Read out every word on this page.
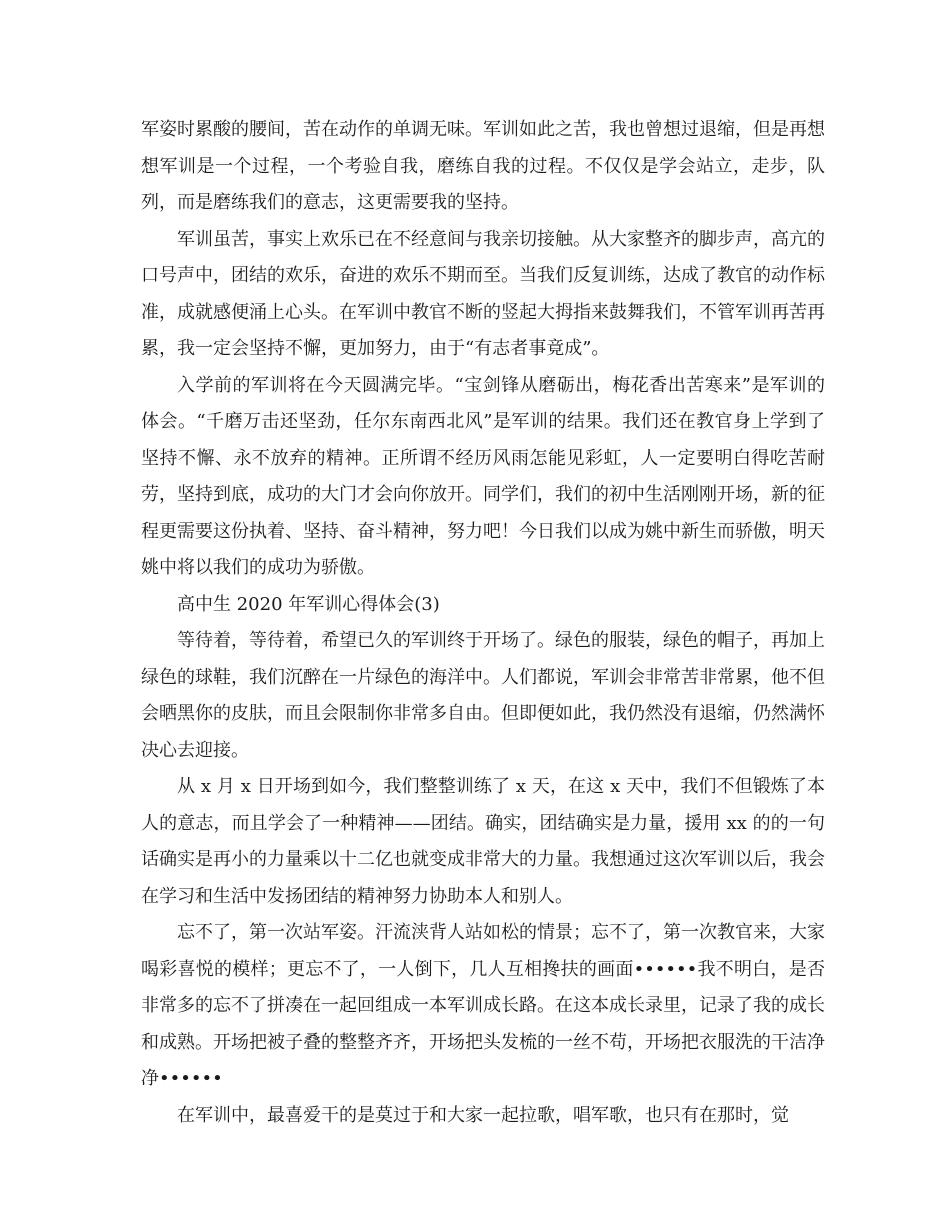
军姿时累酸的腰间，苦在动作的单调无味。军训如此之苦，我也曾想过退缩，但是再想想军训是一个过程，一个考验自我，磨练自我的过程。不仅仅是学会站立，走步，队列，而是磨练我们的意志，这更需要我的坚持。

军训虽苦，事实上欢乐已在不经意间与我亲切接触。从大家整齐的脚步声，高亢的口号声中，团结的欢乐，奋进的欢乐不期而至。当我们反复训练，达成了教官的动作标准，成就感便涌上心头。在军训中教官不断的竖起大拇指来鼓舞我们，不管军训再苦再累，我一定会坚持不懈，更加努力，由于“有志者事竟成”。

入学前的军训将在今天圆满完毕。“宝剑锋从磨砺出，梅花香出苦寒来”是军训的体会。“千磨万击还坚劲，任尔东南西北风”是军训的结果。我们还在教官身上学到了坚持不懈、永不放弃的精神。正所谓不经历风雨怎能见彩虹，人一定要明白得吃苦耐劳，坚持到底，成功的大门才会向你放开。同学们，我们的初中生活刚刚开场，新的征程更需要这份执着、坚持、奋斗精神，努力吧！今日我们以成为姚中新生而骄傲，明天姚中将以我们的成功为骄傲。

高中生 2020 年军训心得体会(3)

等待着，等待着，希望已久的军训终于开场了。绿色的服装，绿色的帽子，再加上绿色的球鞋，我们沉醉在一片绿色的海洋中。人们都说，军训会非常苦非常累，他不但会晒黑你的皮肤，而且会限制你非常多自由。但即便如此，我仍然没有退缩，仍然满怀决心去迎接。

从 x 月 x 日开场到如今，我们整整训练了 x 天，在这 x 天中，我们不但锻炼了本人的意志，而且学会了一种精神——团结。确实，团结确实是力量，援用 xx 的的一句话确实是再小的力量乘以十二亿也就变成非常大的力量。我想通过这次军训以后，我会在学习和生活中发扬团结的精神努力协助本人和别人。

忘不了，第一次站军姿。汗流浃背人站如松的情景；忘不了，第一次教官来，大家喝彩喜悦的模样；更忘不了，一人倒下，几人互相搀扶的画面••••••我不明白，是否非常多的忘不了拼凑在一起回组成一本军训成长路。在这本成长录里，记录了我的成长和成熟。开场把被子叠的整整齐齐，开场把头发梳的一丝不苟，开场把衣服洗的干洁净净••••••

在军训中，最喜爱干的是莫过于和大家一起拉歌，唱军歌，也只有在那时，觉
